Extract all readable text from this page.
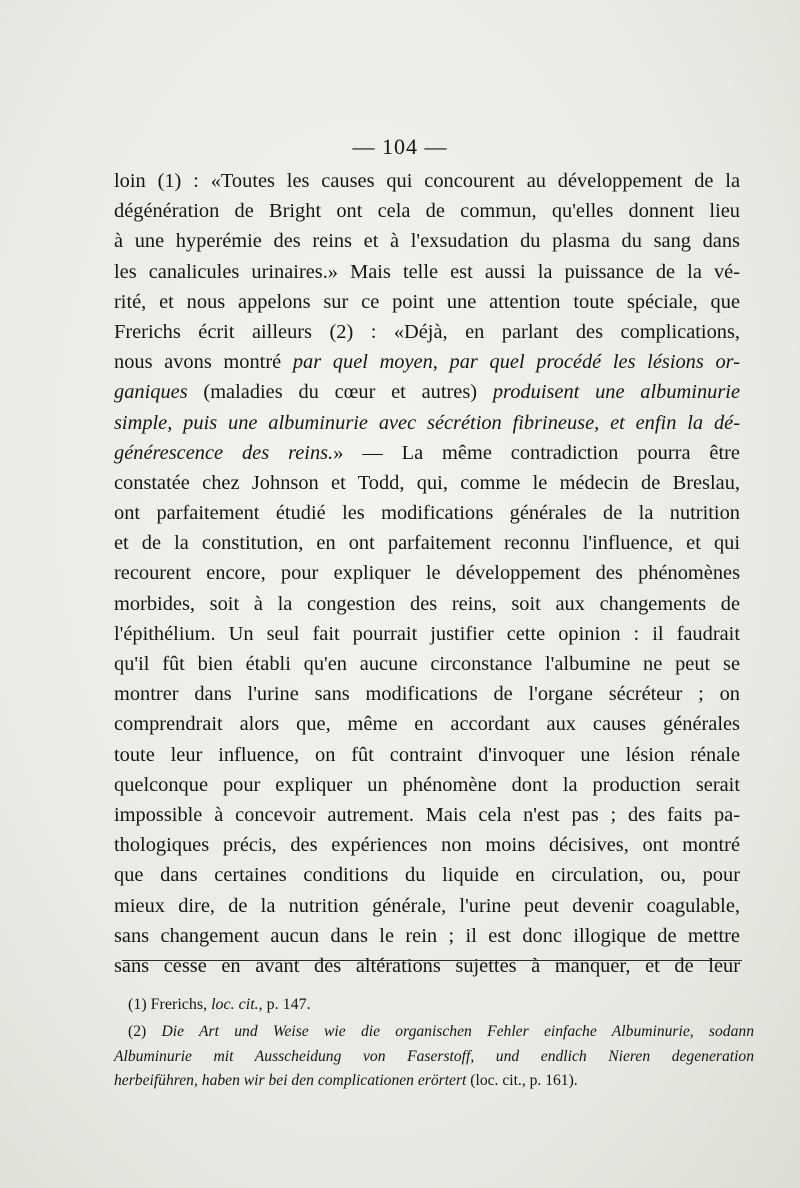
— 104 —
loin (1) : «Toutes les causes qui concourent au développement de la
dégénération de Bright ont cela de commun, qu'elles donnent lieu
à une hyperémie des reins et à l'exsudation du plasma du sang dans
les canalicules urinaires.» Mais telle est aussi la puissance de la vé-
rité, et nous appelons sur ce point une attention toute spéciale, que
Frerichs écrit ailleurs (2) : «Déjà, en parlant des complications,
nous avons montré par quel moyen, par quel procédé les lésions or-
ganiques (maladies du cœur et autres) produisent une albuminurie
simple, puis une albuminurie avec sécrétion fibrineuse, et enfin la dé-
générescence des reins.» — La même contradiction pourra être
constatée chez Johnson et Todd, qui, comme le médecin de Breslau,
ont parfaitement étudié les modifications générales de la nutrition
et de la constitution, en ont parfaitement reconnu l'influence, et qui
recourent encore, pour expliquer le développement des phénomènes
morbides, soit à la congestion des reins, soit aux changements de
l'épithélium. Un seul fait pourrait justifier cette opinion : il faudrait
qu'il fût bien établi qu'en aucune circonstance l'albumine ne peut se
montrer dans l'urine sans modifications de l'organe sécréteur ; on
comprendrait alors que, même en accordant aux causes générales
toute leur influence, on fût contraint d'invoquer une lésion rénale
quelconque pour expliquer un phénomène dont la production serait
impossible à concevoir autrement. Mais cela n'est pas ; des faits pa-
thologiques précis, des expériences non moins décisives, ont montré
que dans certaines conditions du liquide en circulation, ou, pour
mieux dire, de la nutrition générale, l'urine peut devenir coagulable,
sans changement aucun dans le rein ; il est donc illogique de mettre
sans cesse en avant des altérations sujettes à manquer, et de leur
(1) Frerichs, loc. cit., p. 147.
(2) Die Art und Weise wie die organischen Fehler einfache Albuminurie, sodann
Albuminurie mit Ausscheidung von Faserstoff, und endlich Nieren degeneration
herbeiführen, haben wir bei den complicationen erörtert (loc. cit., p. 161).
